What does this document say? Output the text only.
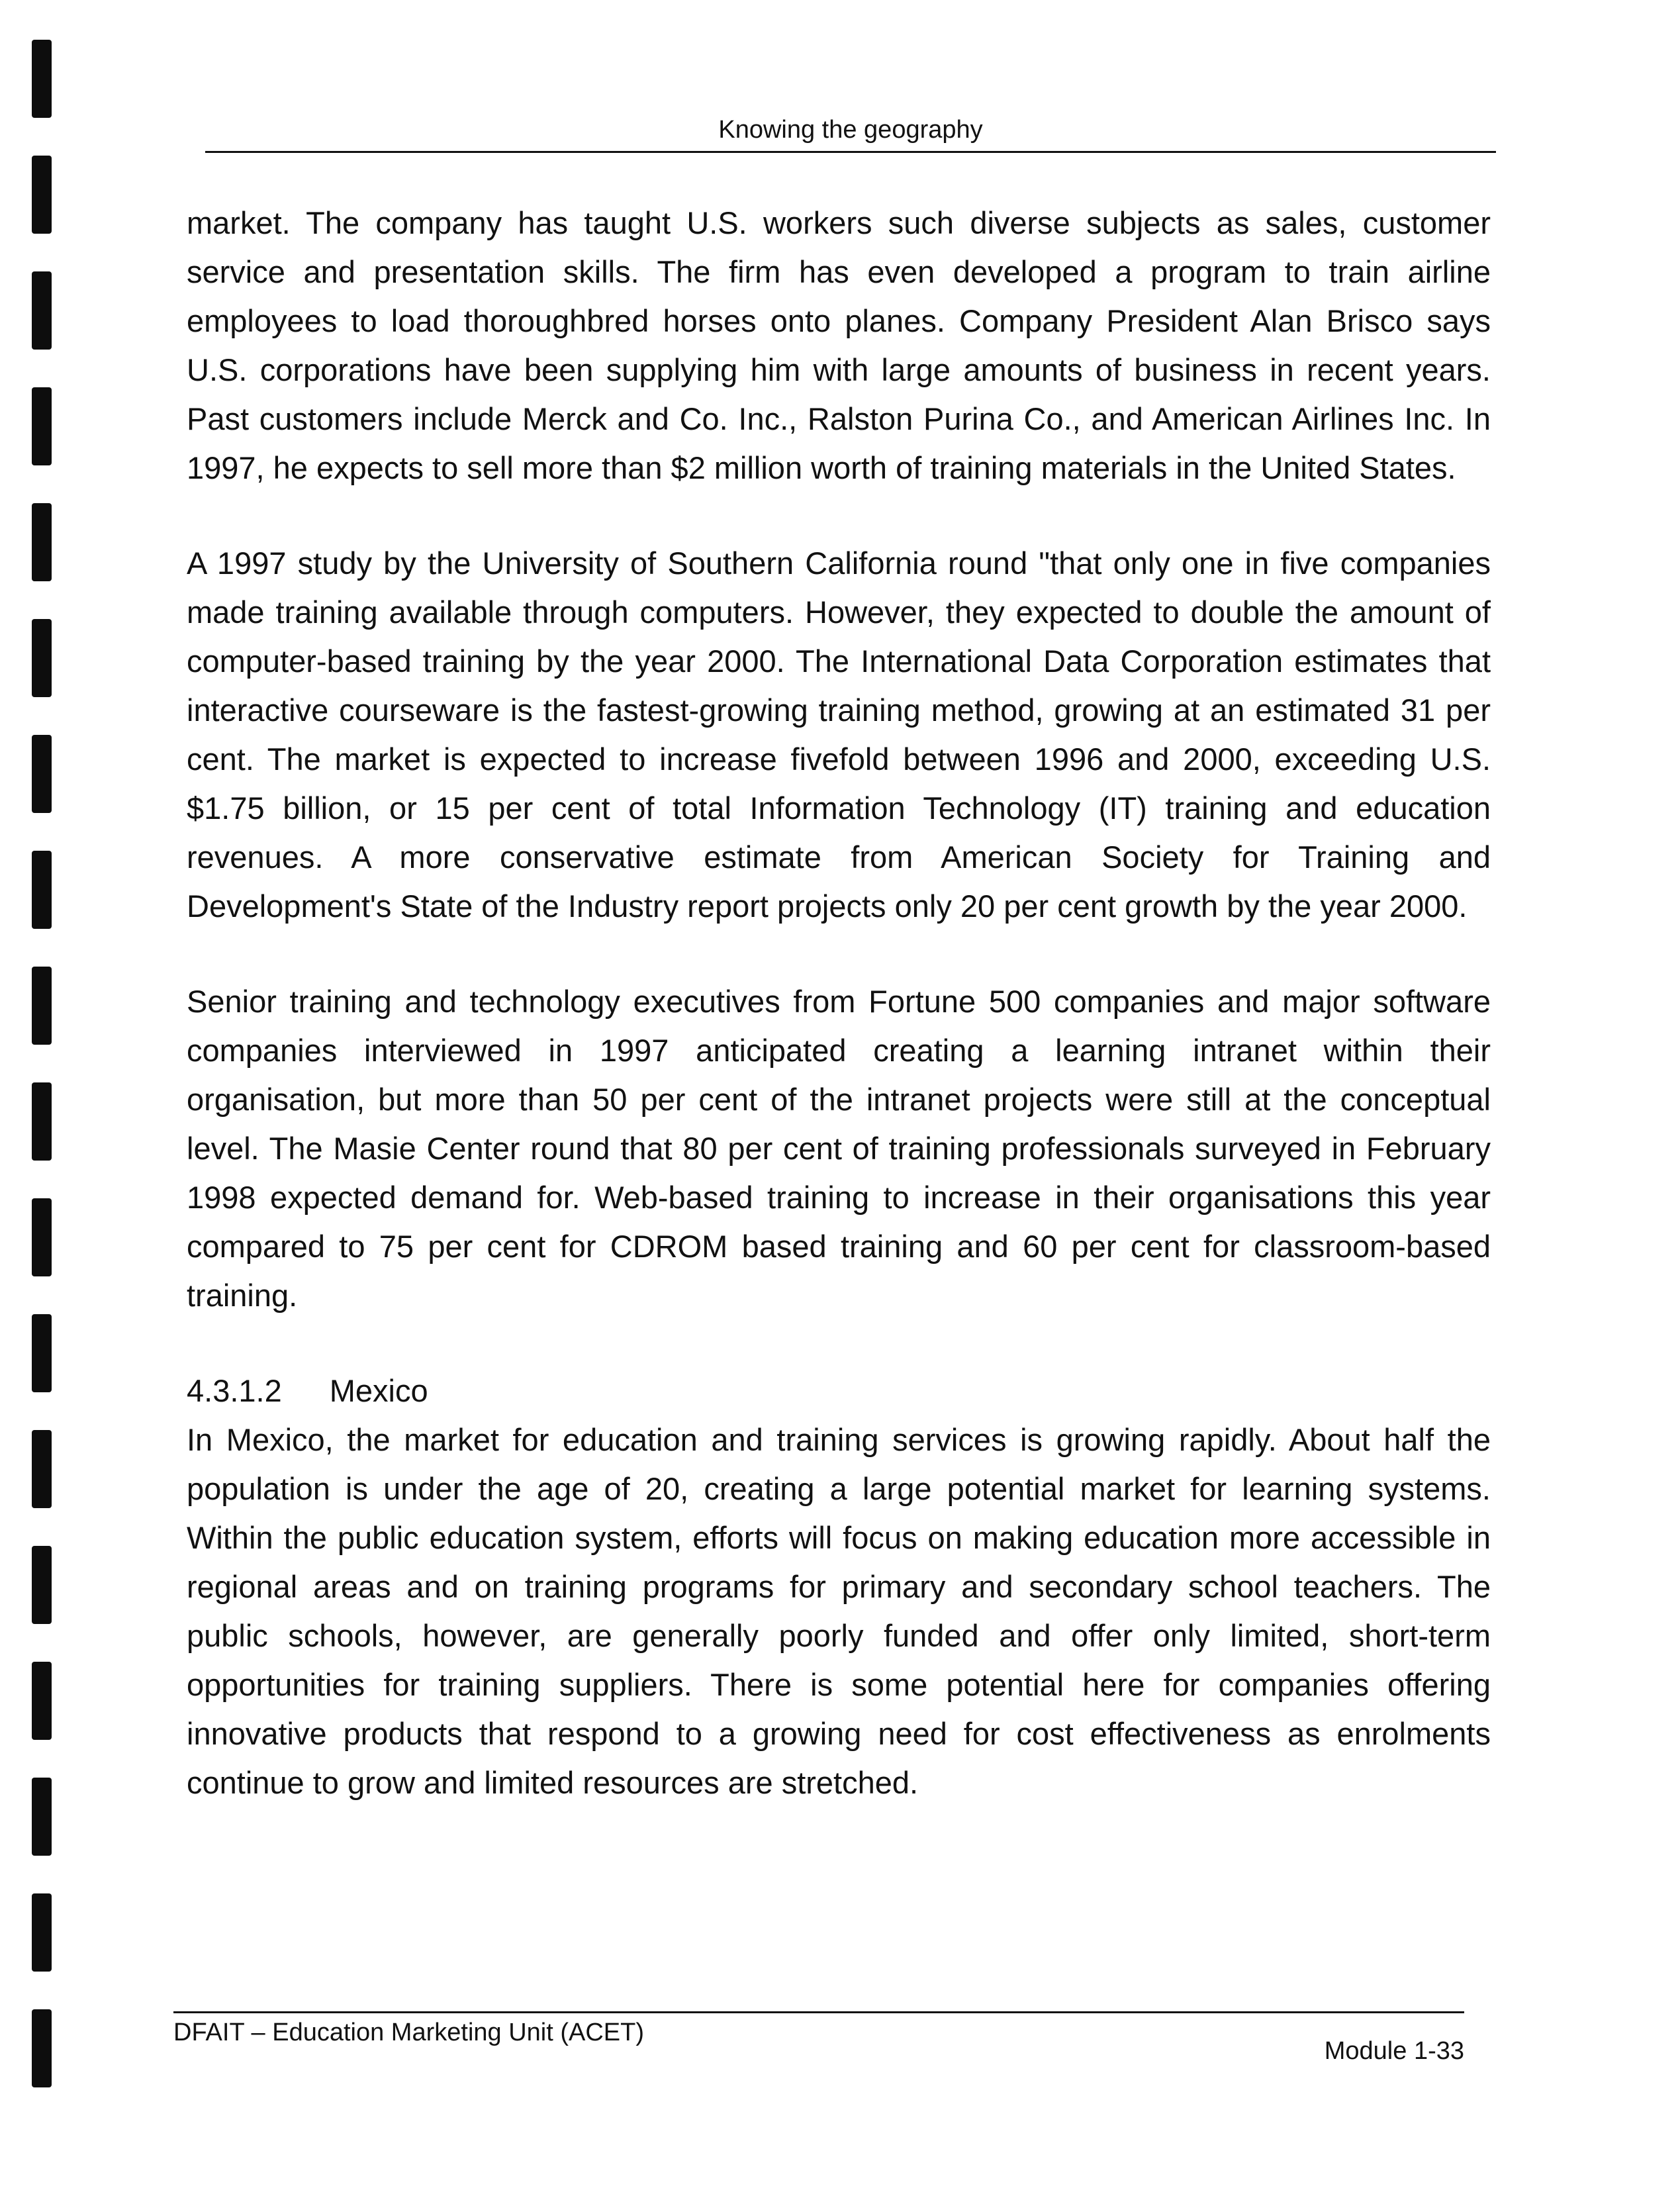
Knowing the geography

market. The company has taught U.S. workers such diverse subjects as sales, customer service and presentation skills. The firm has even developed a program to train airline employees to load thoroughbred horses onto planes. Company President Alan Brisco says U.S. corporations have been supplying him with large amounts of business in recent years. Past customers include Merck and Co. Inc., Ralston Purina Co., and American Airlines Inc. In 1997, he expects to sell more than $2 million worth of training materials in the United States.

A 1997 study by the University of Southern California round "that only one in five companies made training available through computers. However, they expected to double the amount of computer-based training by the year 2000. The International Data Corporation estimates that interactive courseware is the fastest-growing training method, growing at an estimated 31 per cent. The market is expected to increase fivefold between 1996 and 2000, exceeding U.S. $1.75 billion, or 15 per cent of total Information Technology (IT) training and education revenues. A more conservative estimate from American Society for Training and Development's State of the Industry report projects only 20 per cent growth by the year 2000.

Senior training and technology executives from Fortune 500 companies and major software companies interviewed in 1997 anticipated creating a learning intranet within their organisation, but more than 50 per cent of the intranet projects were still at the conceptual level. The Masie Center round that 80 per cent of training professionals surveyed in February 1998 expected demand for. Web-based training to increase in their organisations this year compared to 75 per cent for CDROM based training and 60 per cent for classroom-based training.

4.3.1.2 Mexico

In Mexico, the market for education and training services is growing rapidly. About half the population is under the age of 20, creating a large potential market for learning systems. Within the public education system, efforts will focus on making education more accessible in regional areas and on training programs for primary and secondary school teachers. The public schools, however, are generally poorly funded and offer only limited, short-term opportunities for training suppliers. There is some potential here for companies offering innovative products that respond to a growing need for cost effectiveness as enrolments continue to grow and limited resources are stretched.

DFAIT – Education Marketing Unit (ACET)
Module 1-33
